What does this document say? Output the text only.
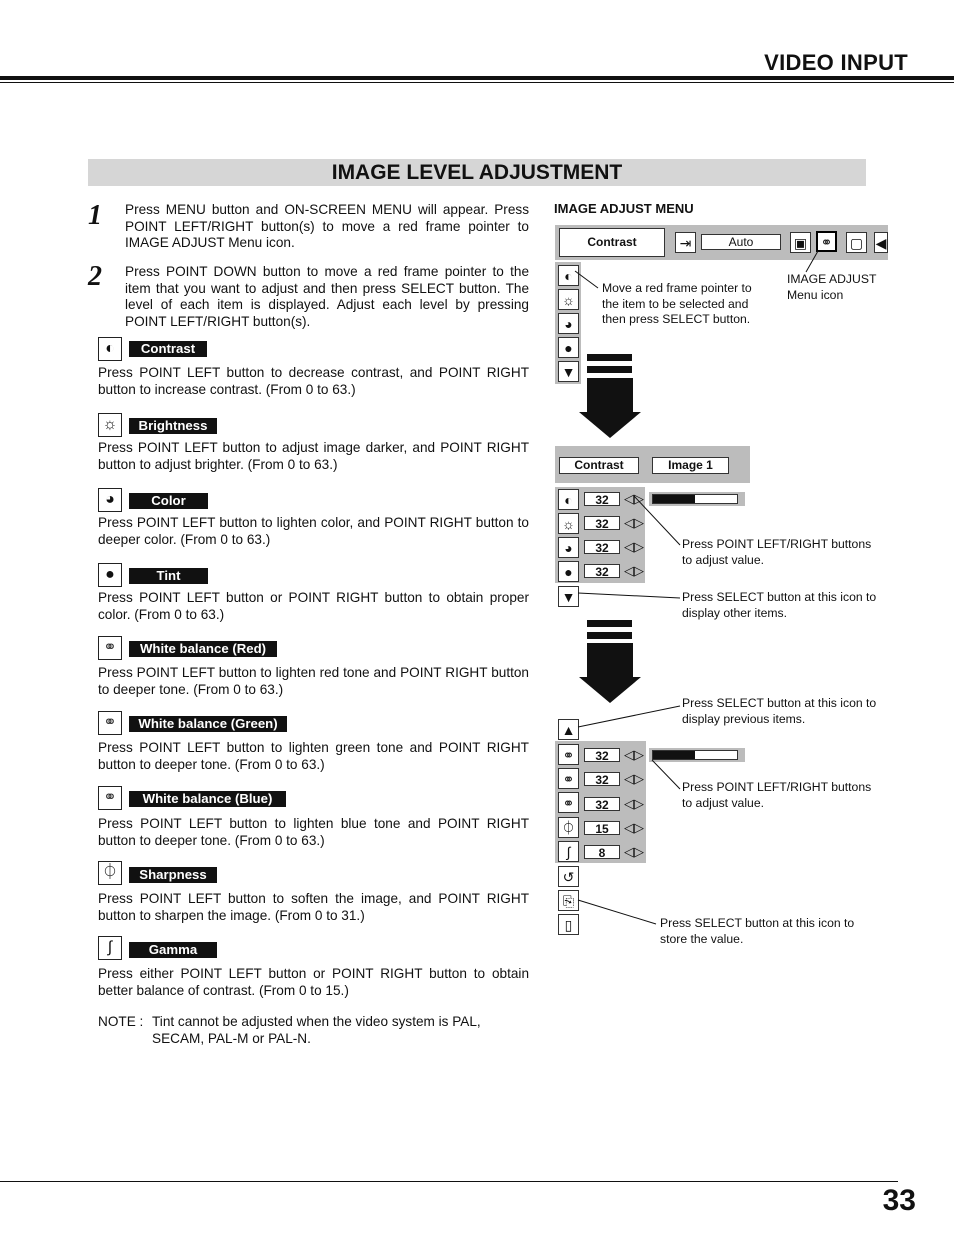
VIDEO INPUT
IMAGE LEVEL ADJUSTMENT
1 Press MENU button and ON-SCREEN MENU will appear. Press POINT LEFT/RIGHT button(s) to move a red frame pointer to IMAGE ADJUST Menu icon.
2 Press POINT DOWN button to move a red frame pointer to the item that you want to adjust and then press SELECT button. The level of each item is displayed. Adjust each level by pressing POINT LEFT/RIGHT button(s).
◐	Contrast
Press POINT LEFT button to decrease contrast, and POINT RIGHT button to increase contrast. (From 0 to 63.)
☼	Brightness
Press POINT LEFT button to adjust image darker, and POINT RIGHT button to adjust brighter. (From 0 to 63.)
◕	Color
Press POINT LEFT button to lighten color, and POINT RIGHT button to deeper color. (From 0 to 63.)
●	Tint
Press POINT LEFT button or POINT RIGHT button to obtain proper color. (From 0 to 63.)
⚭	White balance (Red)
Press POINT LEFT button to lighten red tone and POINT RIGHT button to deeper tone. (From 0 to 63.)
⚭	White balance (Green)
Press POINT LEFT button to lighten green tone and POINT RIGHT button to deeper tone. (From 0 to 63.)
⚭	White balance (Blue)
Press POINT LEFT button to lighten blue tone and POINT RIGHT button to deeper tone. (From 0 to 63.)
⏀	Sharpness
Press POINT LEFT button to soften the image, and POINT RIGHT button to sharpen the image. (From 0 to 31.)
∫	Gamma
Press either POINT LEFT button or POINT RIGHT button to obtain better balance of contrast. (From 0 to 15.)
NOTE : Tint cannot be adjusted when the video system is PAL,
SECAM, PAL-M or PAL-N.
IMAGE ADJUST MENU
Contrast	⇥	Auto	▣ ⚭	▢ ◀
◐
☼
◕
●
▼
Move a red frame pointer to the item to be selected and then press SELECT button.
IMAGE ADJUST Menu icon
Contrast	Image 1
◐
☼
◕
●
▼
32
32
32
32
◁▷
◁▷
◁▷
◁▷
Press POINT LEFT/RIGHT buttons to adjust value.
Press SELECT button at this icon to display other items.
Press SELECT button at this icon to display previous items.
▲
⚭
⚭
⚭
⏀
∫
↺
⎘
▯
32
32
32
15
8
◁▷
◁▷
◁▷
◁▷
◁▷
Press POINT LEFT/RIGHT buttons to adjust value.
Press SELECT button at this icon to store the value.
33
